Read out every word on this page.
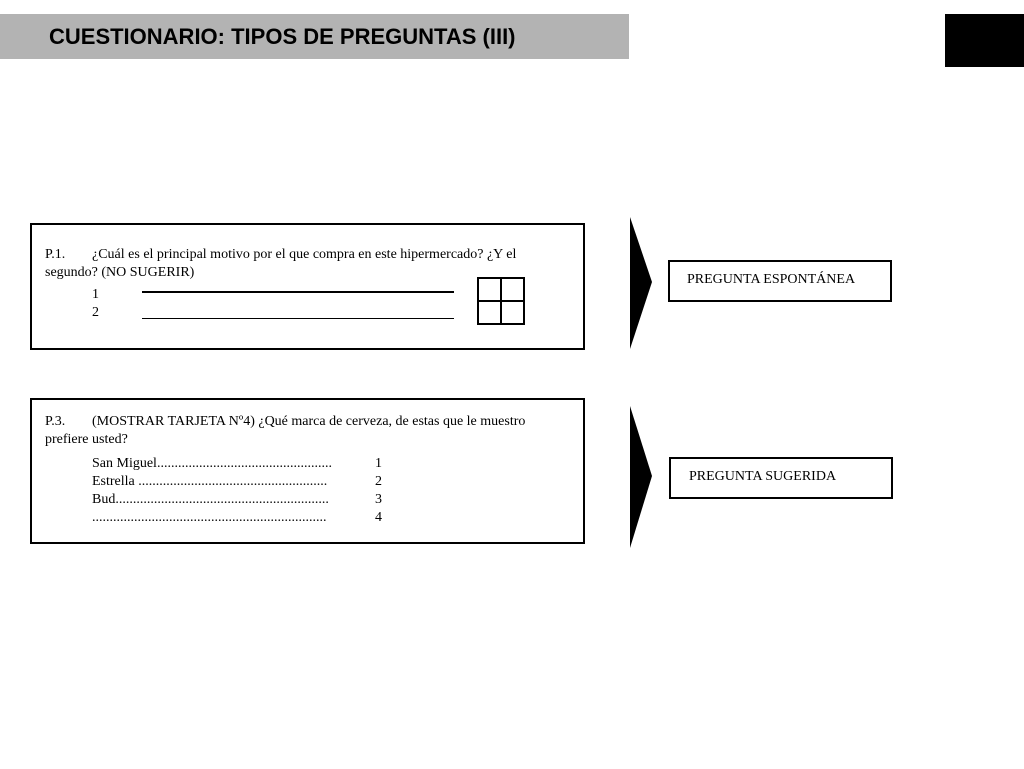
CUESTIONARIO: TIPOS DE PREGUNTAS (III)
P.1.	¿Cuál es el principal motivo por el que compra en este hipermercado? ¿Y el segundo? (NO SUGERIR)
1
2
P.3.	(MOSTRAR TARJETA Nº4) ¿Qué marca de cerveza, de estas que le muestro prefiere usted?
San Miguel..................................................	1
Estrella ......................................................	2
Bud.............................................................	3
...................................................................	4
PREGUNTA ESPONTÁNEA
PREGUNTA SUGERIDA
